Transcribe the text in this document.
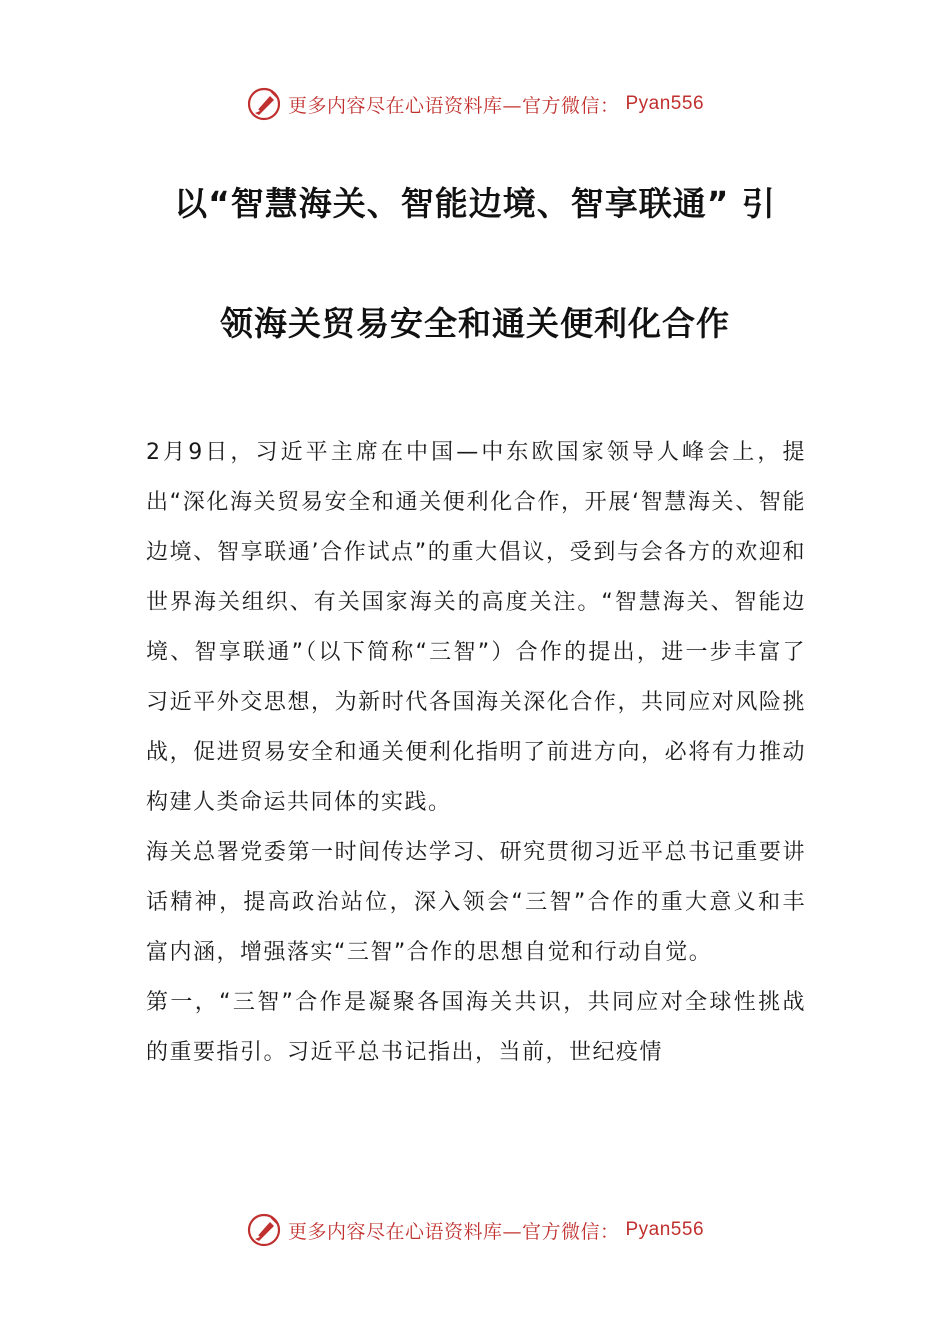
更多内容尽在心语资料库—官方微信： Pyan556
以“智慧海关、智能边境、智享联通” 引
领海关贸易安全和通关便利化合作

2月9日，习近平主席在中国—中东欧国家领导人峰会上，提出“深化海关贸易安全和通关便利化合作，开展‘智慧海关、智能边境、智享联通’合作试点”的重大倡议，受到与会各方的欢迎和世界海关组织、有关国家海关的高度关注。“智慧海关、智能边境、智享联通”（以下简称“三智”）合作的提出，进一步丰富了习近平外交思想，为新时代各国海关深化合作，共同应对风险挑战，促进贸易安全和通关便利化指明了前进方向，必将有力推动构建人类命运共同体的实践。

海关总署党委第一时间传达学习、研究贯彻习近平总书记重要讲话精神，提高政治站位，深入领会“三智”合作的重大意义和丰富内涵，增强落实“三智”合作的思想自觉和行动自觉。

第一，“三智”合作是凝聚各国海关共识，共同应对全球性挑战的重要指引。习近平总书记指出，当前，世纪疫情

更多内容尽在心语资料库—官方微信： Pyan556
